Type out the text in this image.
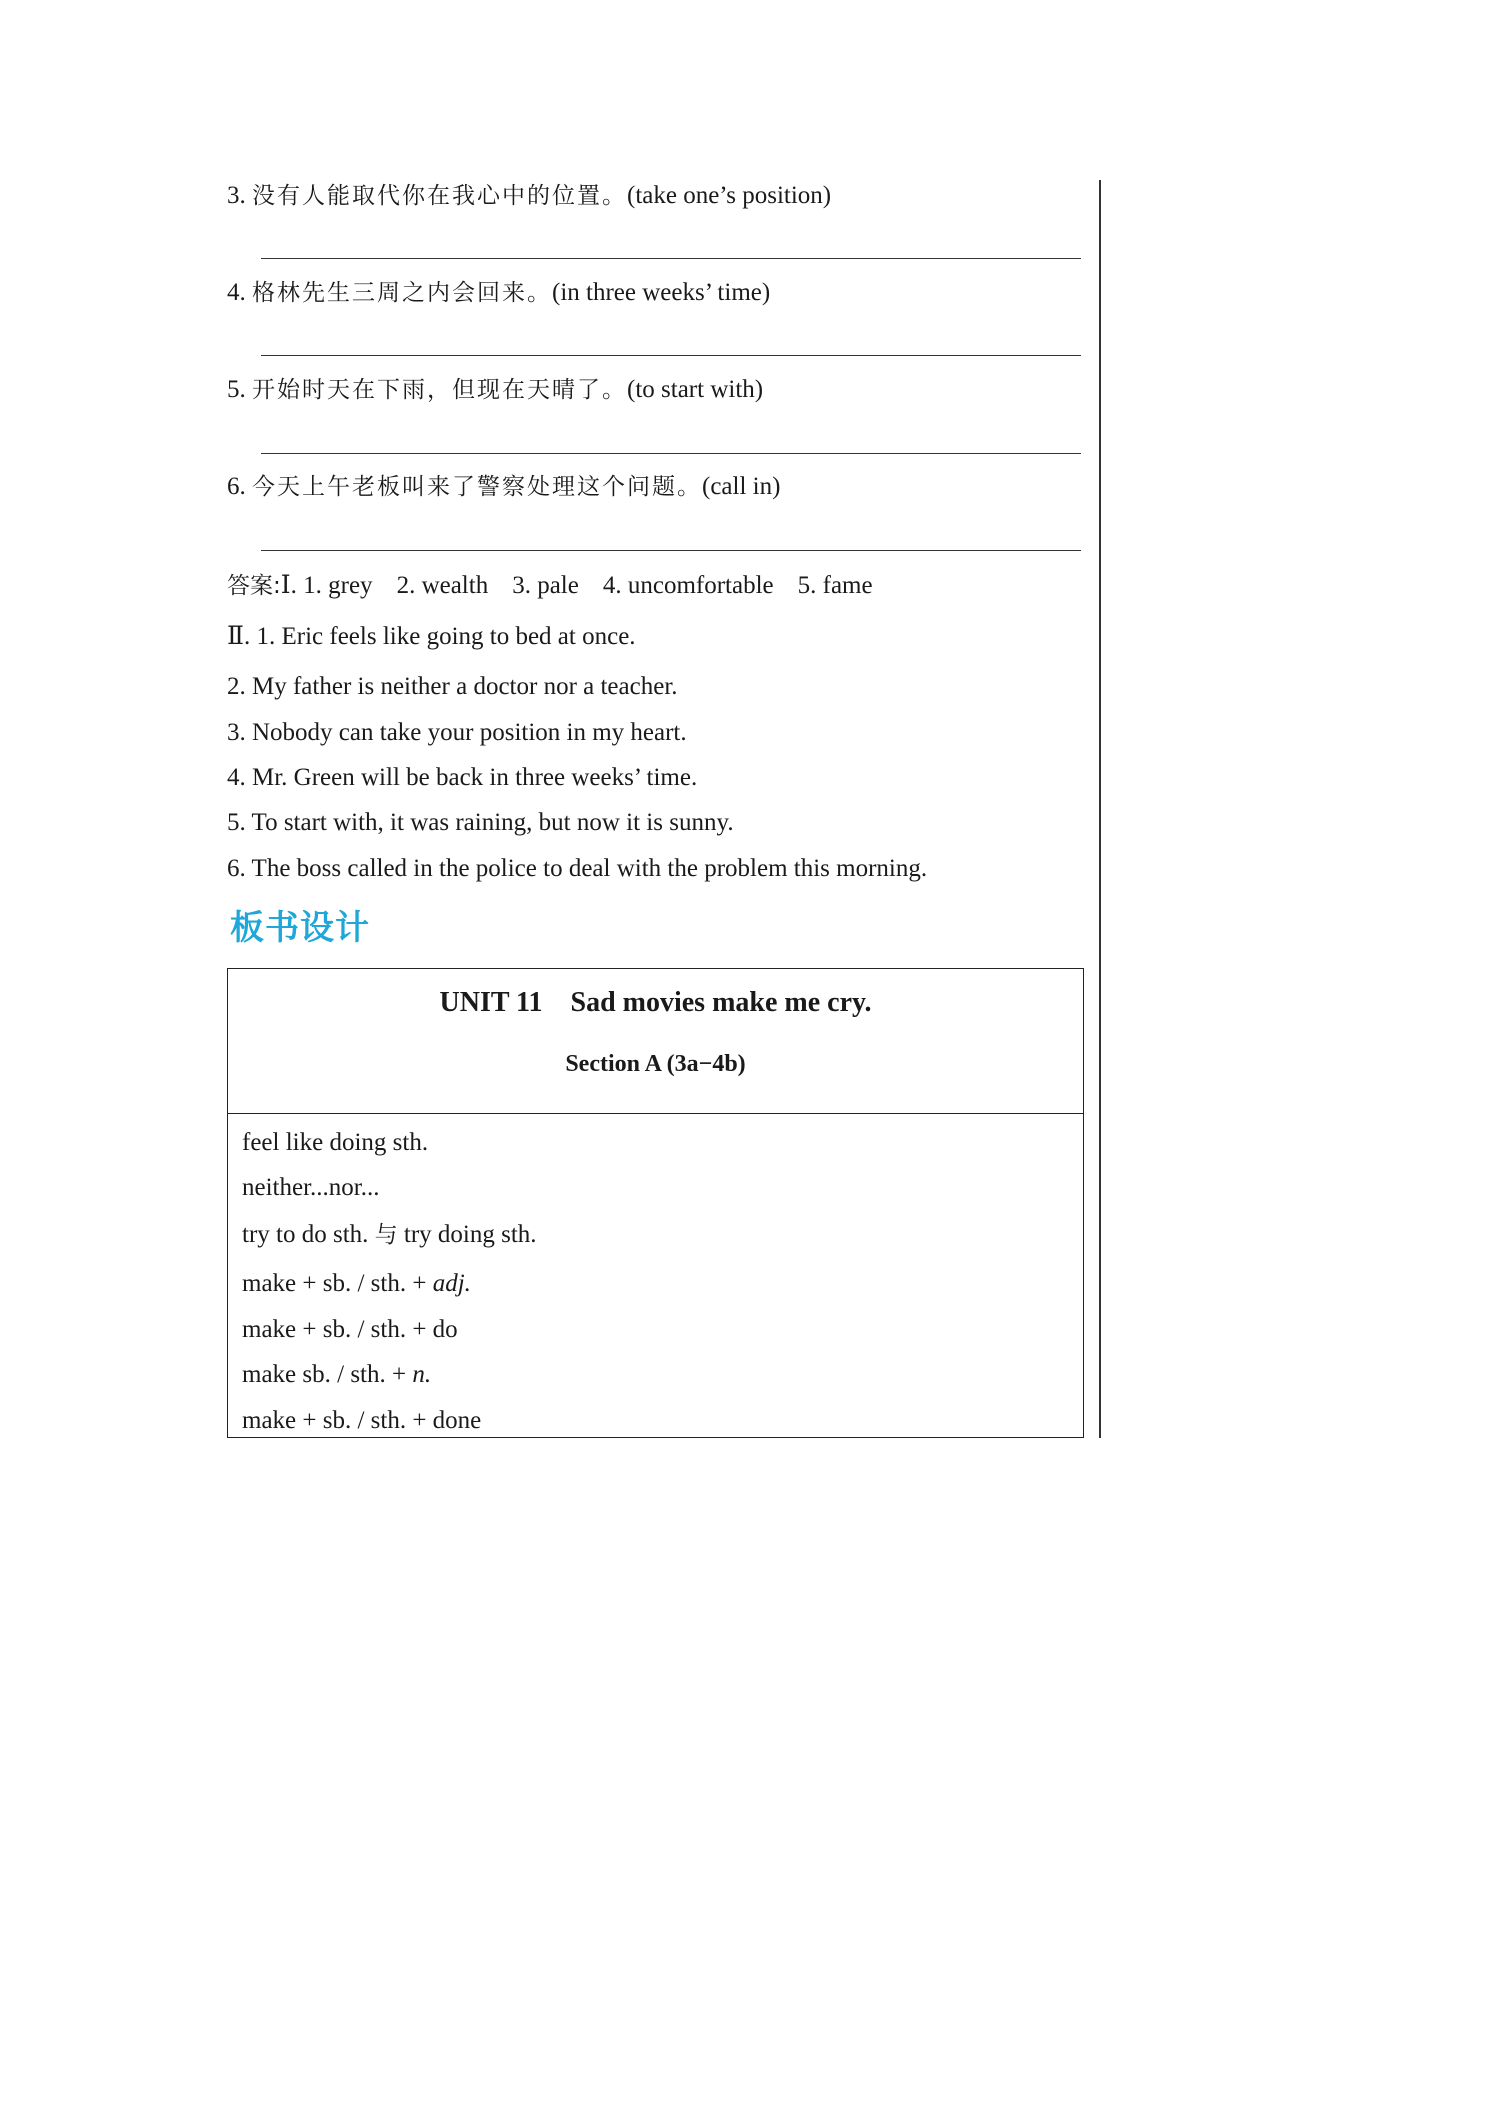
3. 没有人能取代你在我心中的位置。(take one’s position)
4. 格林先生三周之内会回来。(in three weeks’ time)
5. 开始时天在下雨，但现在天晴了。(to start with)
6. 今天上午老板叫来了警察处理这个问题。(call in)
答案:Ⅰ. 1. grey 2. wealth 3. pale 4. uncomfortable 5. fame
Ⅱ. 1. Eric feels like going to bed at once.
2. My father is neither a doctor nor a teacher.
3. Nobody can take your position in my heart.
4. Mr. Green will be back in three weeks’ time.
5. To start with, it was raining, but now it is sunny.
6. The boss called in the police to deal with the problem this morning.
板书设计
UNIT 11    Sad movies make me cry.
Section A (3a−4b)
feel like doing sth.
neither...nor...
try to do sth. 与 try doing sth.
make + sb. / sth. + adj.
make + sb. / sth. + do
make sb. / sth. + n.
make + sb. / sth. + done
